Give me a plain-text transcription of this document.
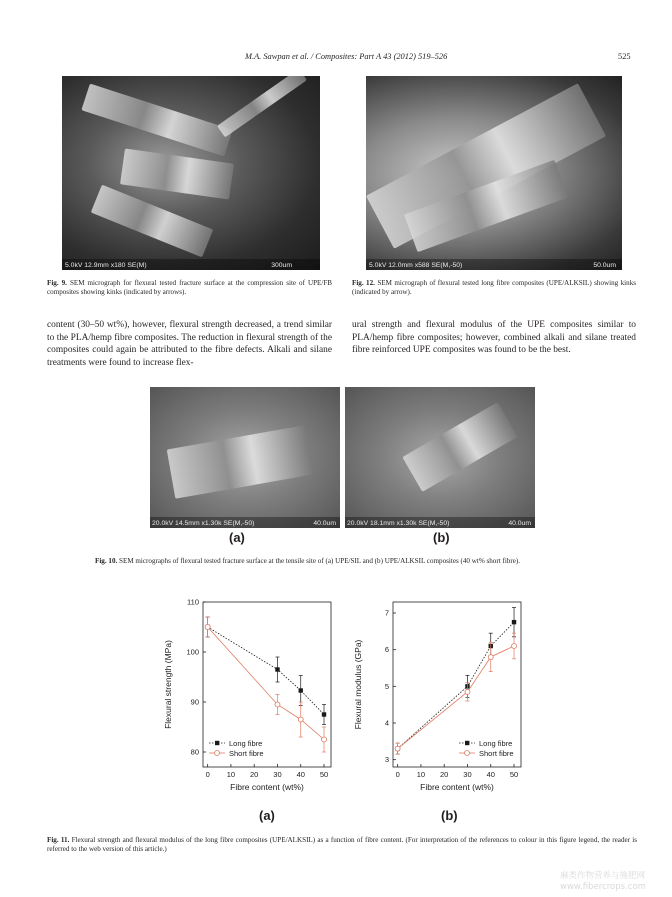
M.A. Sawpan et al. / Composites: Part A 43 (2012) 519–526	525
5.0kV 12.9mm x180 SE(M)	300um	5.0kV 12.0mm x588 SE(M,-50)	50.0um
Fig. 9. SEM micrograph for flexural tested fracture surface at the compression site of UPE/FB composites showing kinks (indicated by arrows).
Fig. 12. SEM micrograph of flexural tested long fibre composites (UPE/ALKSIL) showing kinks (indicated by arrow).
content (30–50 wt%), however, flexural strength decreased, a trend similar to the PLA/hemp fibre composites. The reduction in flexural strength of the composites could again be attributed to the fibre defects. Alkali and silane treatments were found to increase flex-
ural strength and flexural modulus of the UPE composites similar to PLA/hemp fibre composites; however, combined alkali and silane treated fibre reinforced UPE composites was found to be the best.
20.0kV 14.5mm x1.30k SE(M,-50)	40.0um 20.0kV 18.1mm x1.30k SE(M,-50)	40.0um
(a)	(b)
Fig. 10. SEM micrographs of flexural tested fracture surface at the tensile site of (a) UPE/SIL and (b) UPE/ALKSIL composites (40 wt% short fibre).
0 10 20 30 40 50
80
90
100
110
Fibre content (wt%)
Flexural strength (MPa)
Long fibre
Short fibre
0 10 20 30 40 50
3
4
5
6
7
Fibre content (wt%)
Flexural modulus (GPa)
Long fibre
Short fibre
(a)	(b)
Fig. 11. Flexural strength and flexural modulus of the long fibre composites (UPE/ALKSIL) as a function of fibre content. (For interpretation of the references to colour in this figure legend, the reader is referred to the web version of this article.)
麻类作物营养与施肥网
www.fibercrops.com
